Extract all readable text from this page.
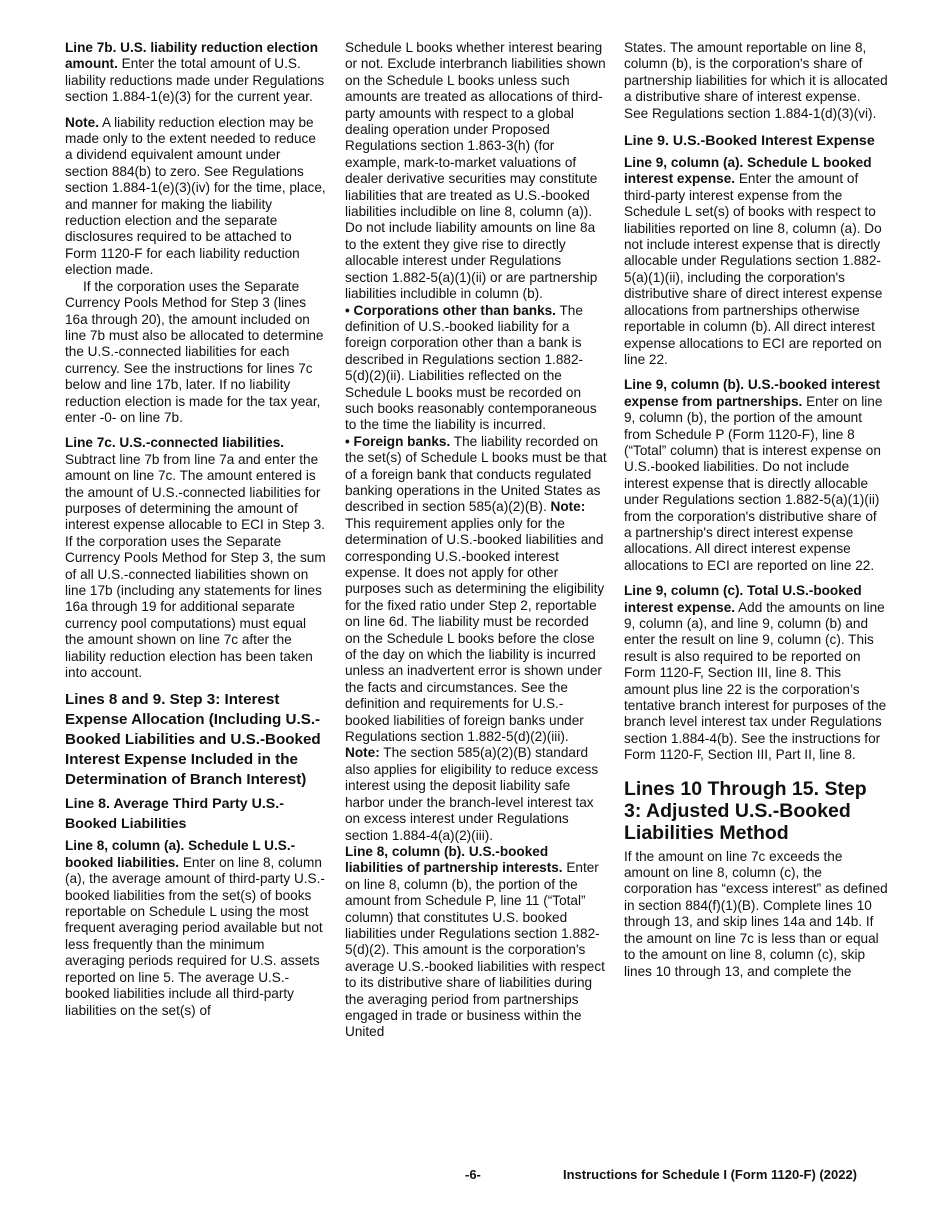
Line 7b. U.S. liability reduction election amount. Enter the total amount of U.S. liability reductions made under Regulations section 1.884-1(e)(3) for the current year.

Note. A liability reduction election may be made only to the extent needed to reduce a dividend equivalent amount under section 884(b) to zero. See Regulations section 1.884-1(e)(3)(iv) for the time, place, and manner for making the liability reduction election and the separate disclosures required to be attached to Form 1120-F for each liability reduction election made.

If the corporation uses the Separate Currency Pools Method for Step 3 (lines 16a through 20), the amount included on line 7b must also be allocated to determine the U.S.-connected liabilities for each currency. See the instructions for lines 7c below and line 17b, later. If no liability reduction election is made for the tax year, enter -0- on line 7b.

Line 7c. U.S.-connected liabilities. Subtract line 7b from line 7a and enter the amount on line 7c. The amount entered is the amount of U.S.-connected liabilities for purposes of determining the amount of interest expense allocable to ECI in Step 3. If the corporation uses the Separate Currency Pools Method for Step 3, the sum of all U.S.-connected liabilities shown on line 17b (including any statements for lines 16a through 19 for additional separate currency pool computations) must equal the amount shown on line 7c after the liability reduction election has been taken into account.

Lines 8 and 9. Step 3: Interest Expense Allocation (Including U.S.-Booked Liabilities and U.S.-Booked Interest Expense Included in the Determination of Branch Interest)
Line 8. Average Third Party U.S.-Booked Liabilities

Line 8, column (a). Schedule L U.S.-booked liabilities. Enter on line 8, column (a), the average amount of third-party U.S.-booked liabilities from the set(s) of books reportable on Schedule L using the most frequent averaging period available but not less frequently than the minimum averaging periods required for U.S. assets reported on line 5. The average U.S.-booked liabilities include all third-party liabilities on the set(s) of

Schedule L books whether interest bearing or not. Exclude interbranch liabilities shown on the Schedule L books unless such amounts are treated as allocations of third-party amounts with respect to a global dealing operation under Proposed Regulations section 1.863-3(h) (for example, mark-to-market valuations of dealer derivative securities may constitute liabilities that are treated as U.S.-booked liabilities includible on line 8, column (a)). Do not include liability amounts on line 8a to the extent they give rise to directly allocable interest under Regulations section 1.882-5(a)(1)(ii) or are partnership liabilities includible in column (b).

• Corporations other than banks. The definition of U.S.-booked liability for a foreign corporation other than a bank is described in Regulations section 1.882-5(d)(2)(ii). Liabilities reflected on the Schedule L books must be recorded on such books reasonably contemporaneous to the time the liability is incurred.

• Foreign banks. The liability recorded on the set(s) of Schedule L books must be that of a foreign bank that conducts regulated banking operations in the United States as described in section 585(a)(2)(B). Note: This requirement applies only for the determination of U.S.-booked liabilities and corresponding U.S.-booked interest expense. It does not apply for other purposes such as determining the eligibility for the fixed ratio under Step 2, reportable on line 6d. The liability must be recorded on the Schedule L books before the close of the day on which the liability is incurred unless an inadvertent error is shown under the facts and circumstances. See the definition and requirements for U.S.-booked liabilities of foreign banks under Regulations section 1.882-5(d)(2)(iii). Note: The section 585(a)(2)(B) standard also applies for eligibility to reduce excess interest using the deposit liability safe harbor under the branch-level interest tax on excess interest under Regulations section 1.884-4(a)(2)(iii).

Line 8, column (b). U.S.-booked liabilities of partnership interests. Enter on line 8, column (b), the portion of the amount from Schedule P, line 11 (“Total” column) that constitutes U.S. booked liabilities under Regulations section 1.882-5(d)(2). This amount is the corporation's average U.S.-booked liabilities with respect to its distributive share of liabilities during the averaging period from partnerships engaged in trade or business within the United

States. The amount reportable on line 8, column (b), is the corporation's share of partnership liabilities for which it is allocated a distributive share of interest expense. See Regulations section 1.884-1(d)(3)(vi).

Line 9. U.S.-Booked Interest Expense

Line 9, column (a). Schedule L booked interest expense. Enter the amount of third-party interest expense from the Schedule L set(s) of books with respect to liabilities reported on line 8, column (a). Do not include interest expense that is directly allocable under Regulations section 1.882-5(a)(1)(ii), including the corporation's distributive share of direct interest expense allocations from partnerships otherwise reportable in column (b). All direct interest expense allocations to ECI are reported on line 22.

Line 9, column (b). U.S.-booked interest expense from partnerships. Enter on line 9, column (b), the portion of the amount from Schedule P (Form 1120-F), line 8 (“Total” column) that is interest expense on U.S.-booked liabilities. Do not include interest expense that is directly allocable under Regulations section 1.882-5(a)(1)(ii) from the corporation's distributive share of a partnership's direct interest expense allocations. All direct interest expense allocations to ECI are reported on line 22.

Line 9, column (c). Total U.S.-booked interest expense. Add the amounts on line 9, column (a), and line 9, column (b) and enter the result on line 9, column (c). This result is also required to be reported on Form 1120-F, Section III, line 8. This amount plus line 22 is the corporation’s tentative branch interest for purposes of the branch level interest tax under Regulations section 1.884-4(b). See the instructions for Form 1120-F, Section III, Part II, line 8.

Lines 10 Through 15. Step 3: Adjusted U.S.-Booked Liabilities Method

If the amount on line 7c exceeds the amount on line 8, column (c), the corporation has “excess interest” as defined in section 884(f)(1)(B). Complete lines 10 through 13, and skip lines 14a and 14b. If the amount on line 7c is less than or equal to the amount on line 8, column (c), skip lines 10 through 13, and complete the

-6-	Instructions for Schedule I (Form 1120-F) (2022)
